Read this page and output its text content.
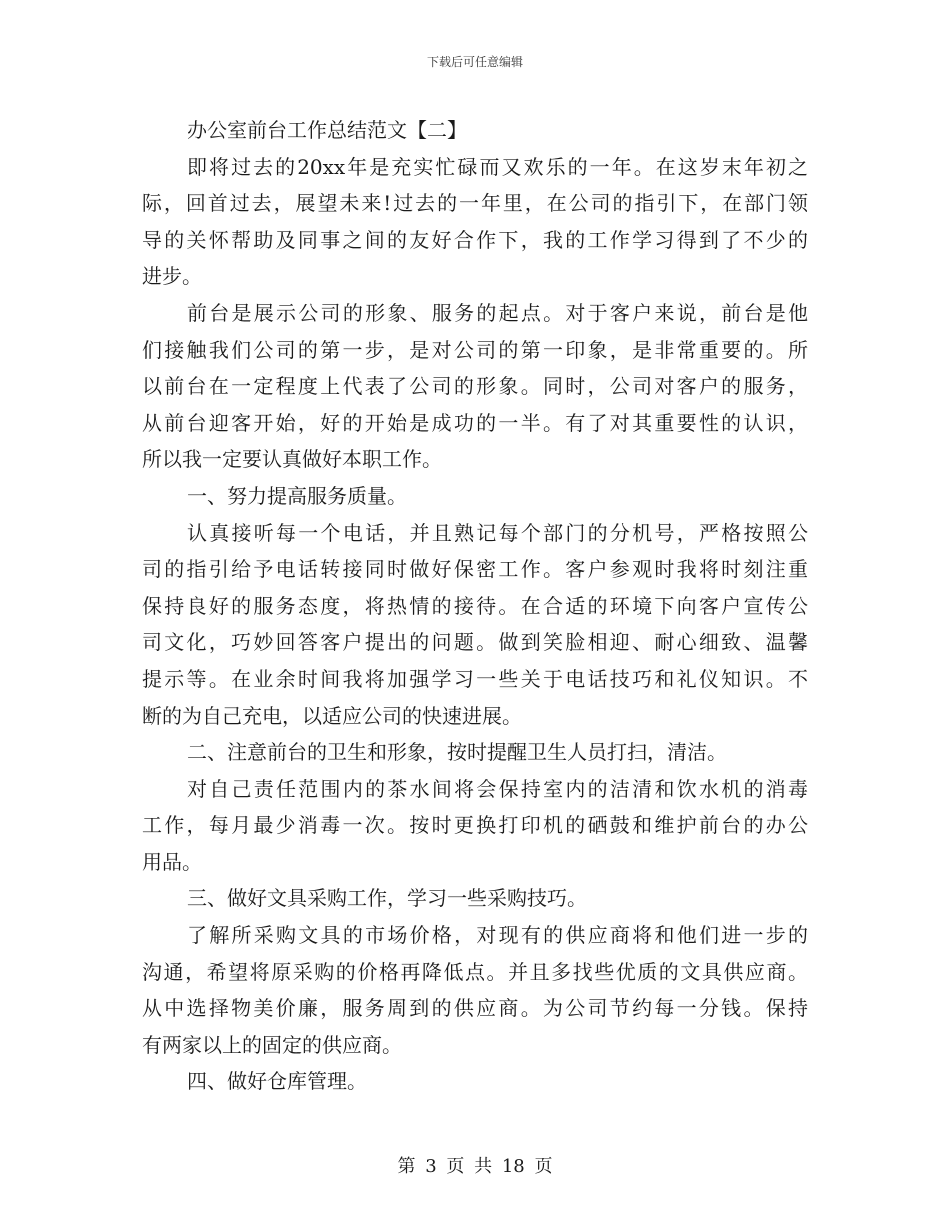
下载后可任意编辑
办公室前台工作总结范文【二】
即将过去的20xx年是充实忙碌而又欢乐的一年。在这岁末年初之
际，回首过去，展望未来!过去的一年里，在公司的指引下，在部门领
导的关怀帮助及同事之间的友好合作下，我的工作学习得到了不少的
进步。
前台是展示公司的形象、服务的起点。对于客户来说，前台是他
们接触我们公司的第一步，是对公司的第一印象，是非常重要的。所
以前台在一定程度上代表了公司的形象。同时，公司对客户的服务，
从前台迎客开始，好的开始是成功的一半。有了对其重要性的认识，
所以我一定要认真做好本职工作。
一、努力提高服务质量。
认真接听每一个电话，并且熟记每个部门的分机号，严格按照公
司的指引给予电话转接同时做好保密工作。客户参观时我将时刻注重
保持良好的服务态度，将热情的接待。在合适的环境下向客户宣传公
司文化，巧妙回答客户提出的问题。做到笑脸相迎、耐心细致、温馨
提示等。在业余时间我将加强学习一些关于电话技巧和礼仪知识。不
断的为自己充电，以适应公司的快速进展。
二、注意前台的卫生和形象，按时提醒卫生人员打扫，清洁。
对自己责任范围内的茶水间将会保持室内的洁清和饮水机的消毒
工作，每月最少消毒一次。按时更换打印机的硒鼓和维护前台的办公
用品。
三、做好文具采购工作，学习一些采购技巧。
了解所采购文具的市场价格，对现有的供应商将和他们进一步的
沟通，希望将原采购的价格再降低点。并且多找些优质的文具供应商。
从中选择物美价廉，服务周到的供应商。为公司节约每一分钱。保持
有两家以上的固定的供应商。
四、做好仓库管理。
第 3 页 共 18 页
